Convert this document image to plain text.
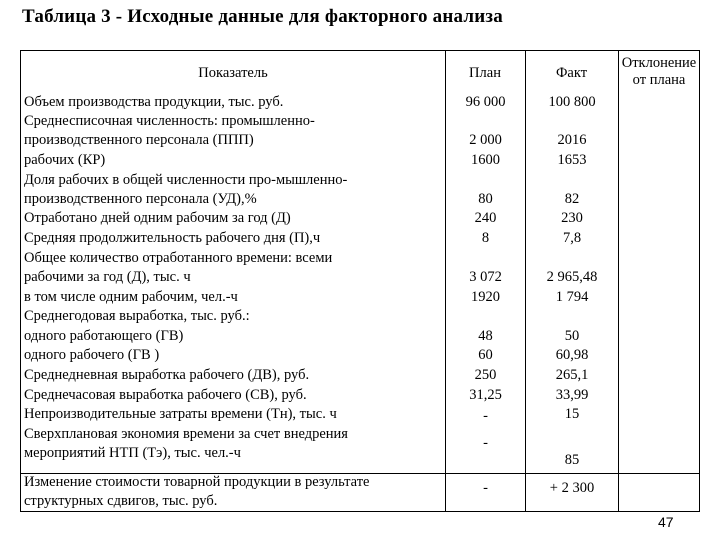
Таблица 3 - Исходные данные для факторного анализа
Показатель	План	Факт
Отклонение
от плана
Объем производства продукции, тыс. руб.
Среднесписочная численность: промышленно-
производственного персонала (ППП)
рабочих (КР)
Доля рабочих в общей численности про-мышленно-
производственного персонала (УД),%
Отработано дней одним рабочим за год (Д)
Средняя продолжительность рабочего дня (П),ч
Общее количество отработанного времени: всеми
рабочими за год (Д), тыс. ч
в том числе одним рабочим, чел.-ч
Среднегодовая выработка, тыс. руб.:
одного работающего (ГВ)
одного рабочего (ГВ )
Среднедневная выработка рабочего (ДВ), руб.
Среднечасовая выработка рабочего (СВ), руб.
Непроизводительные затраты времени (Тн), тыс. ч
Сверхплановая экономия времени за счет внедрения
мероприятий НТП (Тэ), тыс. чел.-ч
Изменение стоимости товарной продукции в результате
структурных сдвигов, тыс. руб.
96 000
2 000
1600
80
240
8
3 072
1920
48
60
250
31,25
-
-
-
100 800
2016
1653
82
230
7,8
2 965,48
1 794
50
60,98
265,1
33,99
15
85
+ 2 300
47
